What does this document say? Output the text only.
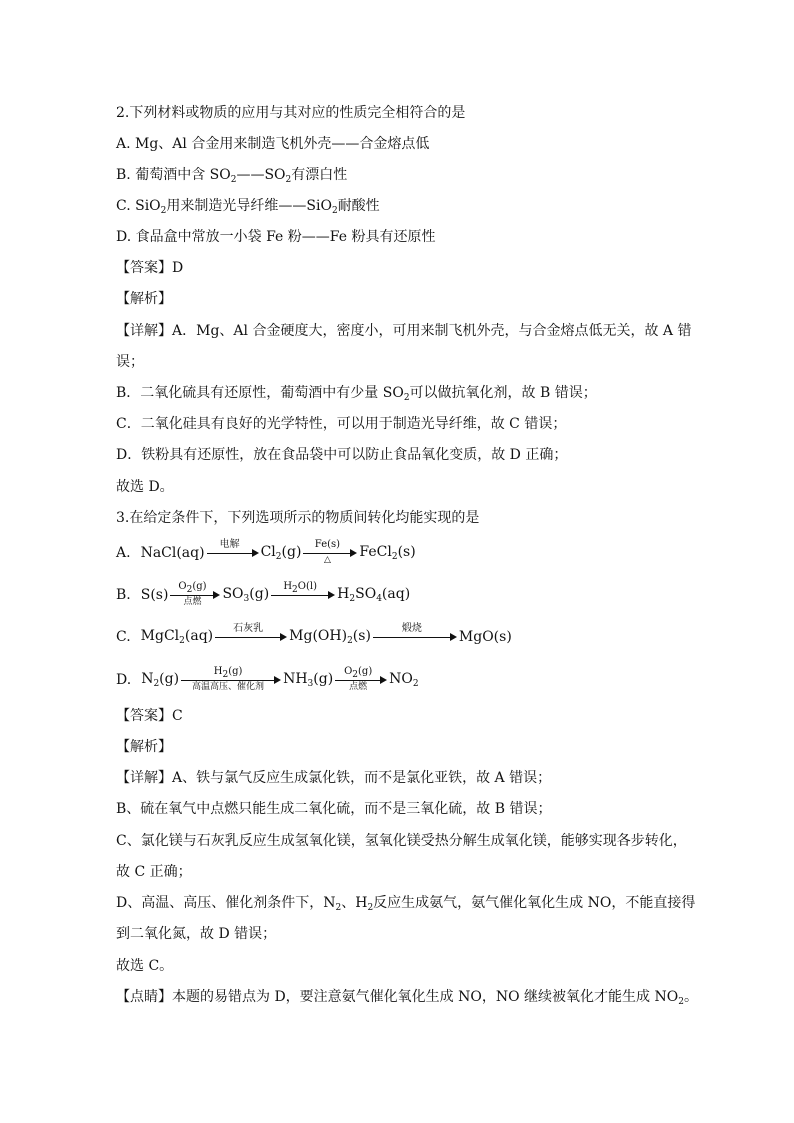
2.下列材料或物质的应用与其对应的性质完全相符合的是
A. Mg、Al 合金用来制造飞机外壳——合金熔点低
B. 葡萄酒中含 $SO_2——SO_2$有漂白性
C. SiO$_2$用来制造光导纤维——SiO$_2$耐酸性
D. 食品盒中常放一小袋 Fe 粉——Fe 粉具有还原性
【答案】D
【解析】
【详解】A．Mg、Al 合金硬度大，密度小，可用来制飞机外壳，与合金熔点低无关，故 A 错
误；
B．二氧化硫具有还原性，葡萄酒中有少量 $SO_2$可以做抗氧化剂，故 B 错误；
C．二氧化硅具有良好的光学特性，可以用于制造光导纤维，故 C 错误；
D．铁粉具有还原性，放在食品袋中可以防止食品氧化变质，故 D 正确；
故选 D。
3.在给定条件下，下列选项所示的物质间转化均能实现的是
A. NaCl(aq)
电解	$Cl_2(g)$	Fe(s)
△	FeCl$_2$(s)
B. S(s)
$O_2(g)$
点燃	$SO_3(g)$	$H_2O(l)$	$H_2SO_4(aq)$
C. MgCl$_2$(aq)	石灰乳	$Mg(OH)_2(s)$	煅烧
MgO(s)
D. $N_2(g)$	$H_2(g)$
高温高压、催化剂	$NH_3(g)$	$O_2(g)$
点燃	$NO_2$
【答案】C
【解析】
【详解】A、铁与氯气反应生成氯化铁，而不是氯化亚铁，故 A 错误；
B、硫在氧气中点燃只能生成二氧化硫，而不是三氧化硫，故 B 错误；
C、氯化镁与石灰乳反应生成氢氧化镁，氢氧化镁受热分解生成氧化镁，能够实现各步转化，
故 C 正确；
D、高温、高压、催化剂条件下，$N_2$、$H_2$反应生成氨气，氨气催化氧化生成 NO，不能直接得
到二氧化氮，故 D 错误；
故选 C。
【点睛】本题的易错点为 D，要注意氨气催化氧化生成 NO，NO 继续被氧化才能生成 $NO_2$。
